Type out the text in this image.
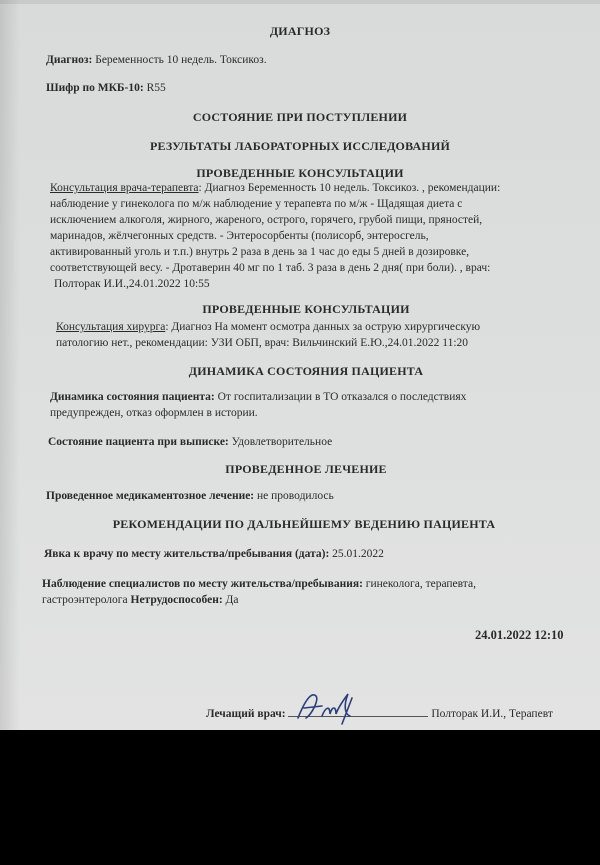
ДИАГНОЗ

Диагноз: Беременность 10 недель. Токсикоз.

Шифр по МКБ-10: R55

СОСТОЯНИЕ ПРИ ПОСТУПЛЕНИИ

РЕЗУЛЬТАТЫ ЛАБОРАТОРНЫХ ИССЛЕДОВАНИЙ

ПРОВЕДЕННЫЕ КОНСУЛЬТАЦИИ

Консультация врача-терапевта: Диагноз Беременность 10 недель. Токсикоз. , рекомендации:
наблюдение у гинеколога по м/ж наблюдение у терапевта по м/ж - Щадящая диета с
исключением алкоголя, жирного, жареного, острого, горячего, грубой пищи, пряностей,
маринадов, жёлчегонных средств. - Энтеросорбенты (полисорб, энтеросгель,
активированный уголь и т.п.) внутрь 2 раза в день за 1 час до еды 5 дней в дозировке,
соответствующей весу. - Дротаверин 40 мг по 1 таб. 3 раза в день 2 дня( при боли). , врач:
Полторак И.И.,24.01.2022 10:55

ПРОВЕДЕННЫЕ КОНСУЛЬТАЦИИ

Консультация хирурга: Диагноз На момент осмотра данных за острую хирургическую
патологию нет., рекомендации: УЗИ ОБП, врач: Вильчинский Е.Ю.,24.01.2022 11:20

ДИНАМИКА СОСТОЯНИЯ ПАЦИЕНТА

Динамика состояния пациента: От госпитализации в ТО отказался о последствиях
предупрежден, отказ оформлен в истории.

Состояние пациента при выписке: Удовлетворительное

ПРОВЕДЕННОЕ ЛЕЧЕНИЕ

Проведенное медикаментозное лечение: не проводилось

РЕКОМЕНДАЦИИ ПО ДАЛЬНЕЙШЕМУ ВЕДЕНИЮ ПАЦИЕНТА

Явка к врачу по месту жительства/пребывания (дата): 25.01.2022

Наблюдение специалистов по месту жительства/пребывания: гинеколога, терапевта,
гастроэнтеролога Нетрудоспособен: Да

24.01.2022 12:10

Лечащий врач:	Полторак И.И., Терапевт
